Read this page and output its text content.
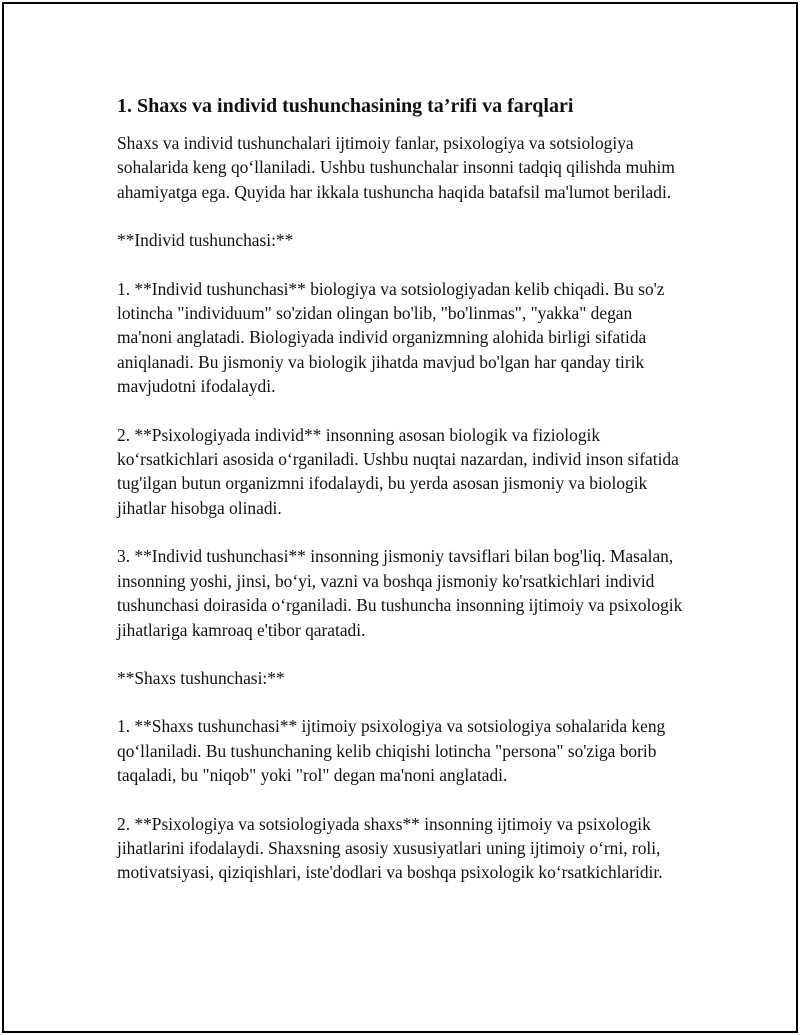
1. Shaxs va individ tushunchasining ta’rifi va farqlari

Shaxs va individ tushunchalari ijtimoiy fanlar, psixologiya va sotsiologiya sohalarida keng qo‘llaniladi. Ushbu tushunchalar insonni tadqiq qilishda muhim ahamiyatga ega. Quyida har ikkala tushuncha haqida batafsil ma'lumot beriladi.

**Individ tushunchasi:**

1. **Individ tushunchasi** biologiya va sotsiologiyadan kelib chiqadi. Bu so'z lotincha "individuum" so'zidan olingan bo'lib, "bo'linmas", "yakka" degan ma'noni anglatadi. Biologiyada individ organizmning alohida birligi sifatida aniqlanadi. Bu jismoniy va biologik jihatda mavjud bo'lgan har qanday tirik mavjudotni ifodalaydi.

2. **Psixologiyada individ** insonning asosan biologik va fiziologik ko‘rsatkichlari asosida o‘rganiladi. Ushbu nuqtai nazardan, individ inson sifatida tug'ilgan butun organizmni ifodalaydi, bu yerda asosan jismoniy va biologik jihatlar hisobga olinadi.

3. **Individ tushunchasi** insonning jismoniy tavsiflari bilan bog'liq. Masalan, insonning yoshi, jinsi, bo‘yi, vazni va boshqa jismoniy ko'rsatkichlari individ tushunchasi doirasida o‘rganiladi. Bu tushuncha insonning ijtimoiy va psixologik jihatlariga kamroaq e'tibor qaratadi.

**Shaxs tushunchasi:**

1. **Shaxs tushunchasi** ijtimoiy psixologiya va sotsiologiya sohalarida keng qo‘llaniladi. Bu tushunchaning kelib chiqishi lotincha "persona" so'ziga borib taqaladi, bu "niqob" yoki "rol" degan ma'noni anglatadi.

2. **Psixologiya va sotsiologiyada shaxs** insonning ijtimoiy va psixologik jihatlarini ifodalaydi. Shaxsning asosiy xususiyatlari uning ijtimoiy o‘rni, roli, motivatsiyasi, qiziqishlari, iste'dodlari va boshqa psixologik ko‘rsatkichlaridir.
